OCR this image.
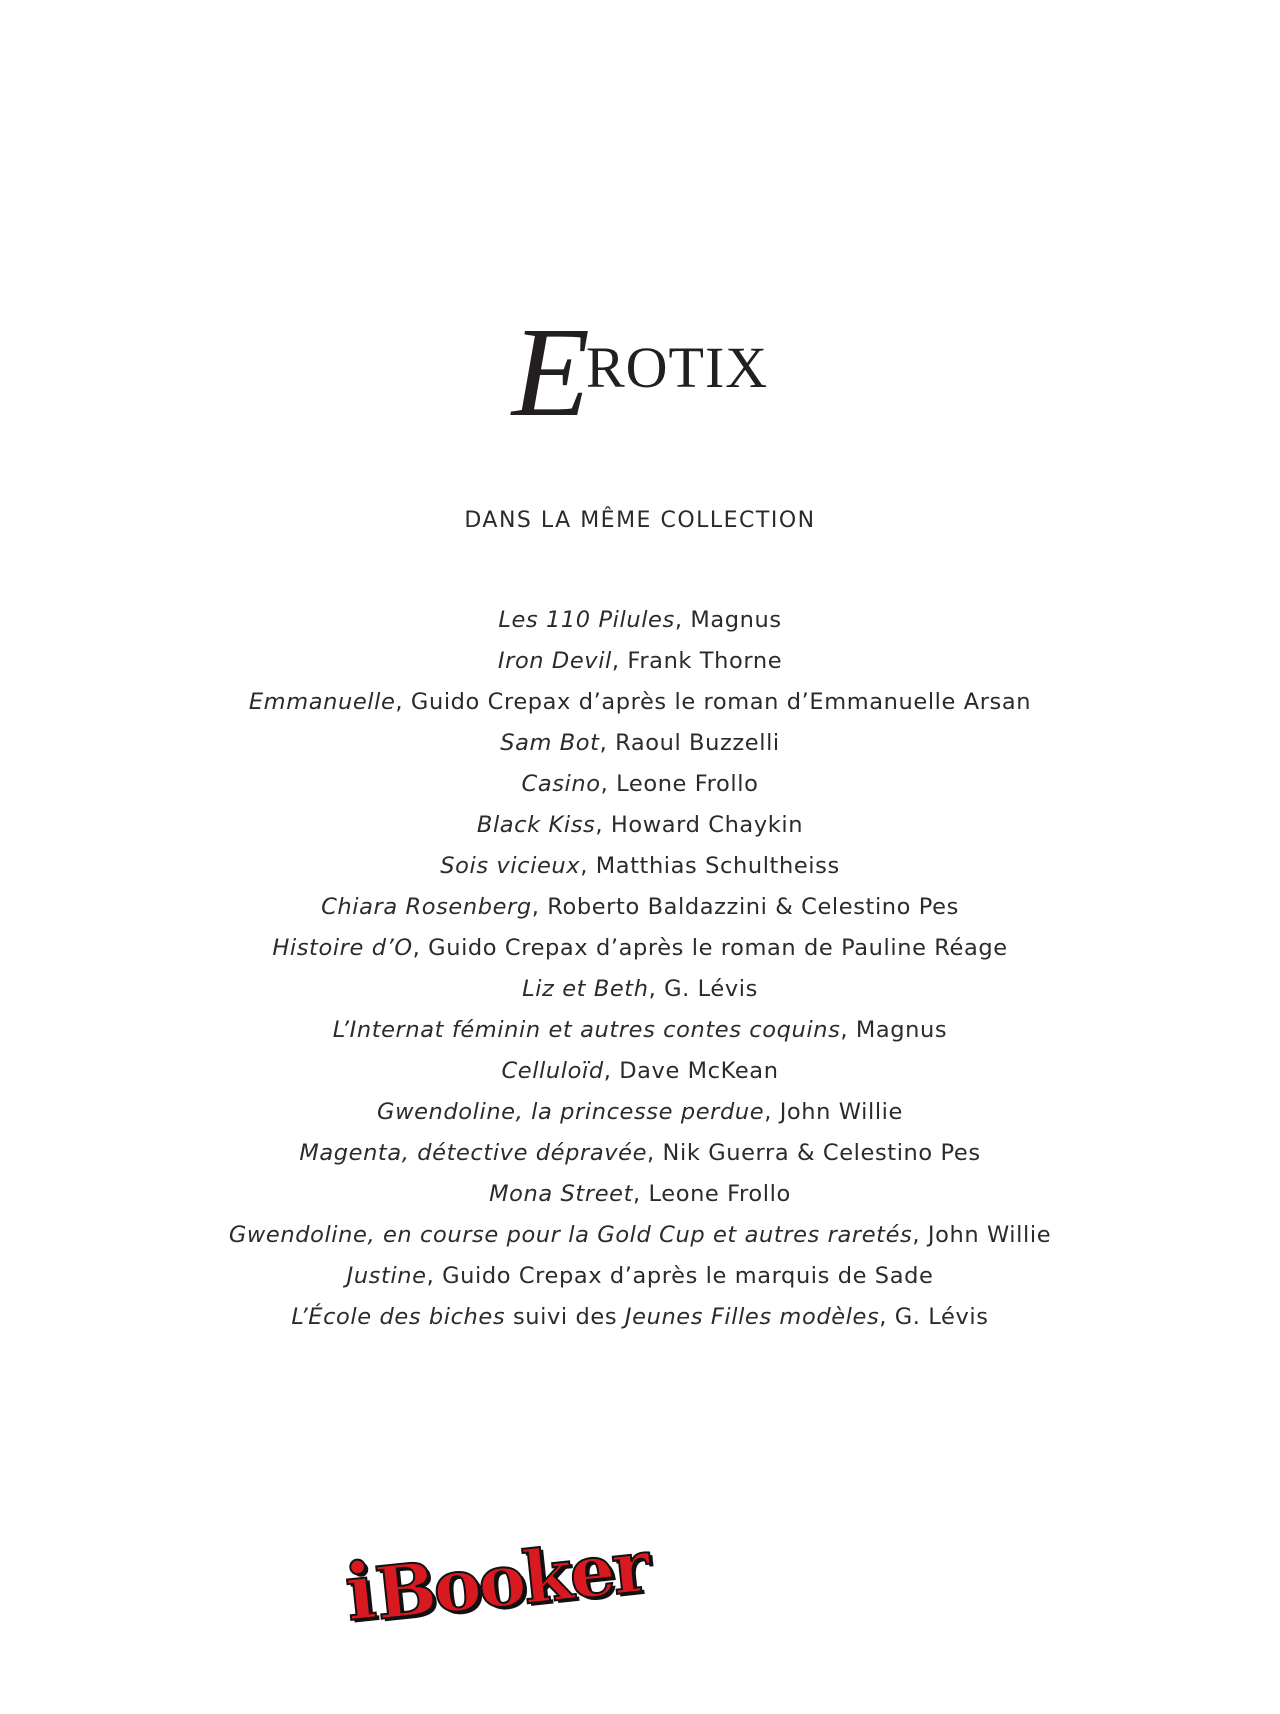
E
ROTIX
DANS LA MÊME COLLECTION
Les 110 Pilules, Magnus
Iron Devil, Frank Thorne
Emmanuelle, Guido Crepax d’après le roman d’Emmanuelle Arsan
Sam Bot, Raoul Buzzelli
Casino, Leone Frollo
Black Kiss, Howard Chaykin
Sois vicieux, Matthias Schultheiss
Chiara Rosenberg, Roberto Baldazzini & Celestino Pes
Histoire d’O, Guido Crepax d’après le roman de Pauline Réage
Liz et Beth, G. Lévis
L’Internat féminin et autres contes coquins, Magnus
Celluloïd, Dave McKean
Gwendoline, la princesse perdue, John Willie
Magenta, détective dépravée, Nik Guerra & Celestino Pes
Mona Street, Leone Frollo
Gwendoline, en course pour la Gold Cup et autres raretés, John Willie
Justine, Guido Crepax d’après le marquis de Sade
L’École des biches suivi des Jeunes Filles modèles, G. Lévis
i
Booker
